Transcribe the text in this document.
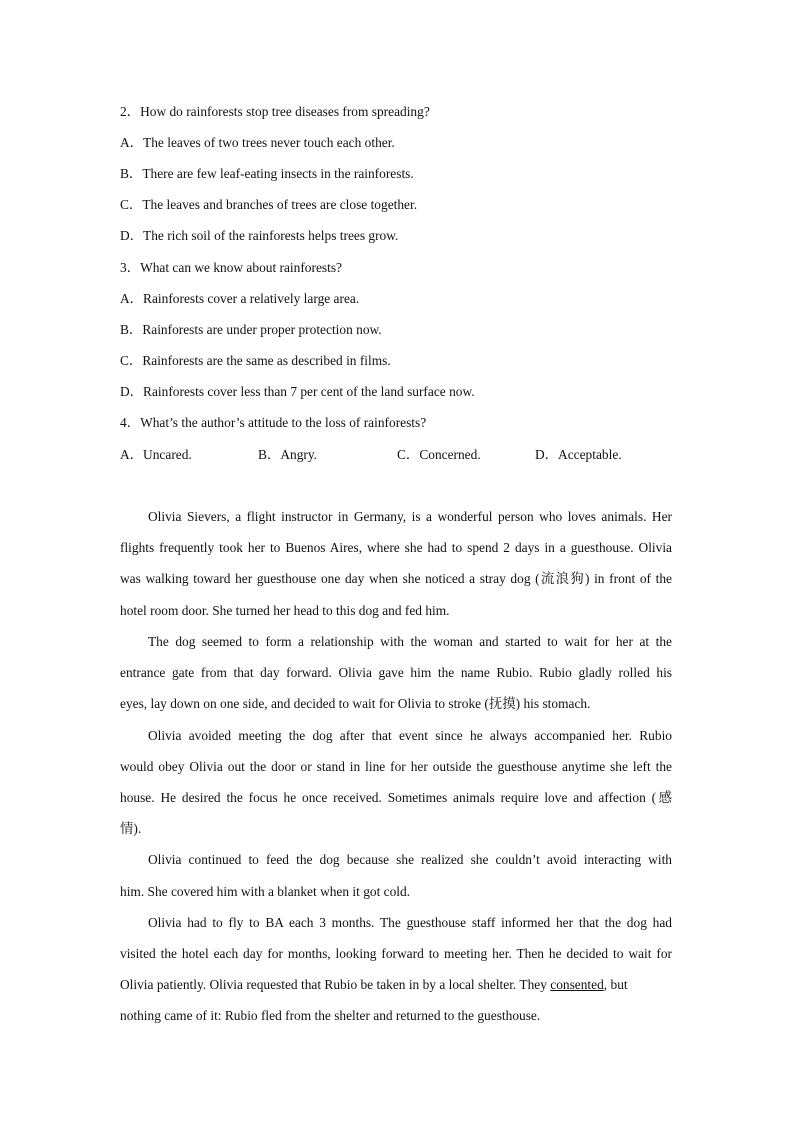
2．How do rainforests stop tree diseases from spreading?
A．The leaves of two trees never touch each other.
B．There are few leaf-eating insects in the rainforests.
C．The leaves and branches of trees are close together.
D．The rich soil of the rainforests helps trees grow.
3．What can we know about rainforests?
A．Rainforests cover a relatively large area.
B．Rainforests are under proper protection now.
C．Rainforests are the same as described in films.
D．Rainforests cover less than 7 per cent of the land surface now.
4．What’s the author’s attitude to the loss of rainforests?
A．Uncared.	B．Angry.	C．Concerned.	D．Acceptable.
Olivia Sievers, a flight instructor in Germany, is a wonderful person who loves animals. Her
flights frequently took her to Buenos Aires, where she had to spend 2 days in a guesthouse. Olivia
was walking toward her guesthouse one day when she noticed a stray dog (流浪狗) in front of the
hotel room door. She turned her head to this dog and fed him.
The dog seemed to form a relationship with the woman and started to wait for her at the
entrance gate from that day forward. Olivia gave him the name Rubio. Rubio gladly rolled his
eyes, lay down on one side, and decided to wait for Olivia to stroke (抚摸) his stomach.
Olivia avoided meeting the dog after that event since he always accompanied her. Rubio
would obey Olivia out the door or stand in line for her outside the guesthouse anytime she left the
house. He desired the focus he once received. Sometimes animals require love and affection (感
情).
Olivia continued to feed the dog because she realized she couldn’t avoid interacting with
him. She covered him with a blanket when it got cold.
Olivia had to fly to BA each 3 months. The guesthouse staff informed her that the dog had
visited the hotel each day for months, looking forward to meeting her. Then he decided to wait for
Olivia patiently. Olivia requested that Rubio be taken in by a local shelter. They consented, but
nothing came of it: Rubio fled from the shelter and returned to the guesthouse.
